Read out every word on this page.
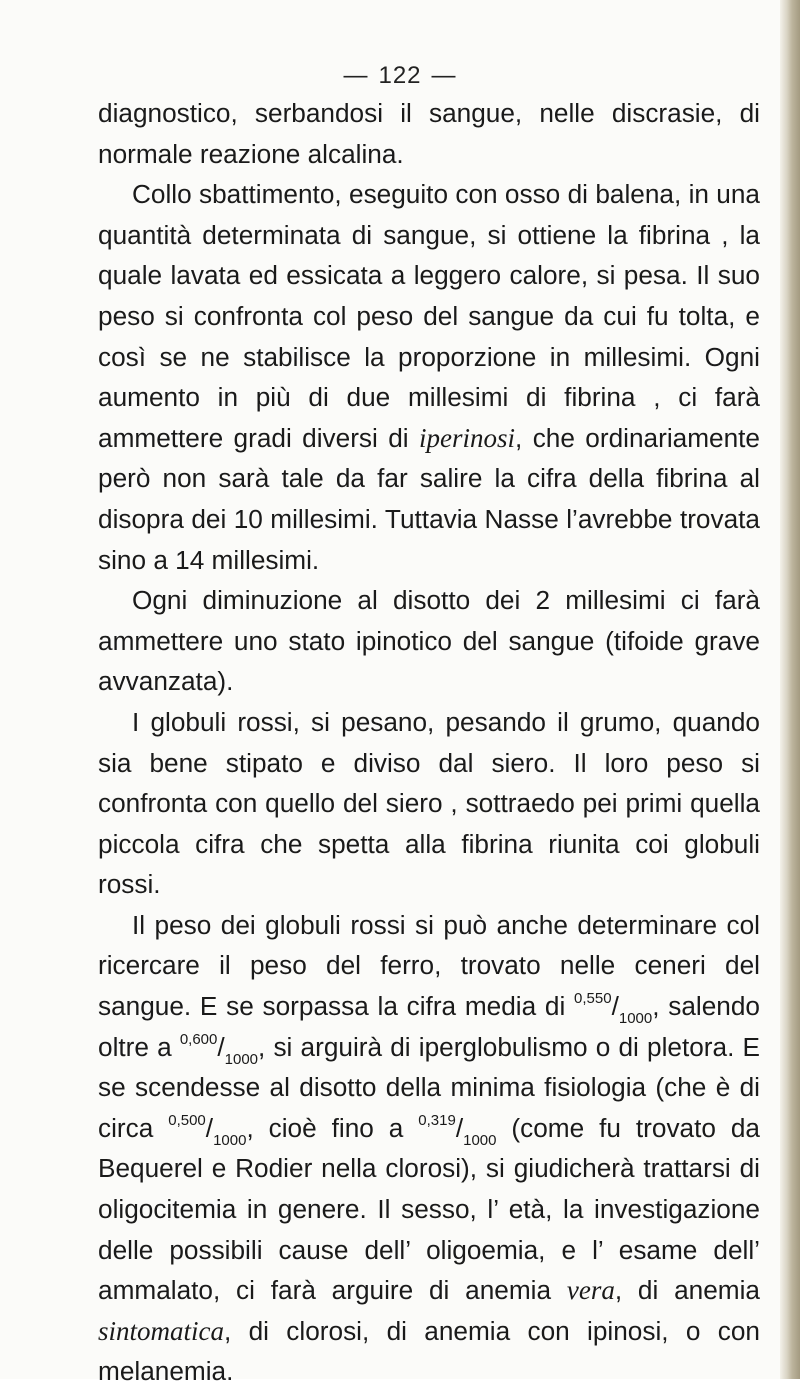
— 122 —

diagnostico, serbandosi il sangue, nelle discrasie, di normale reazione alcalina.

Collo sbattimento, eseguito con osso di balena, in una quantità determinata di sangue, si ottiene la fibrina , la quale lavata ed essicata a leggero calore, si pesa. Il suo peso si confronta col peso del sangue da cui fu tolta, e così se ne stabilisce la proporzione in millesimi. Ogni aumento in più di due millesimi di fibrina , ci farà ammettere gradi diversi di iperinosi, che ordinariamente però non sarà tale da far salire la cifra della fibrina al disopra dei 10 millesimi. Tuttavia Nasse l’avrebbe trovata sino a 14 millesimi.

Ogni diminuzione al disotto dei 2 millesimi ci farà ammettere uno stato ipinotico del sangue (tifoide grave avvanzata).

I globuli rossi, si pesano, pesando il grumo, quando sia bene stipato e diviso dal siero. Il loro peso si confronta con quello del siero , sottraedo pei primi quella piccola cifra che spetta alla fibrina riunita coi globuli rossi.

Il peso dei globuli rossi si può anche determinare col ricercare il peso del ferro, trovato nelle ceneri del sangue. E se sorpassa la cifra media di $^{0,550}/_{1000}$, salendo oltre a $^{0,600}/_{1000}$, si arguirà di iperglobulismo o di pletora. E se scendesse al disotto della minima fisiologia (che è di circa $^{0,500}/_{1000}$, cioè fino a $^{0,319}/_{1000}$ (come fu trovato da Bequerel e Rodier nella clorosi), si giudicherà trattarsi di oligocitemia in genere. Il sesso, l’ età, la investigazione delle possibili cause dell’ oligoemia, e l’ esame dell’ ammalato, ci farà arguire di anemia vera, di anemia sintomatica, di clorosi, di anemia con ipinosi, o con melanemia.
